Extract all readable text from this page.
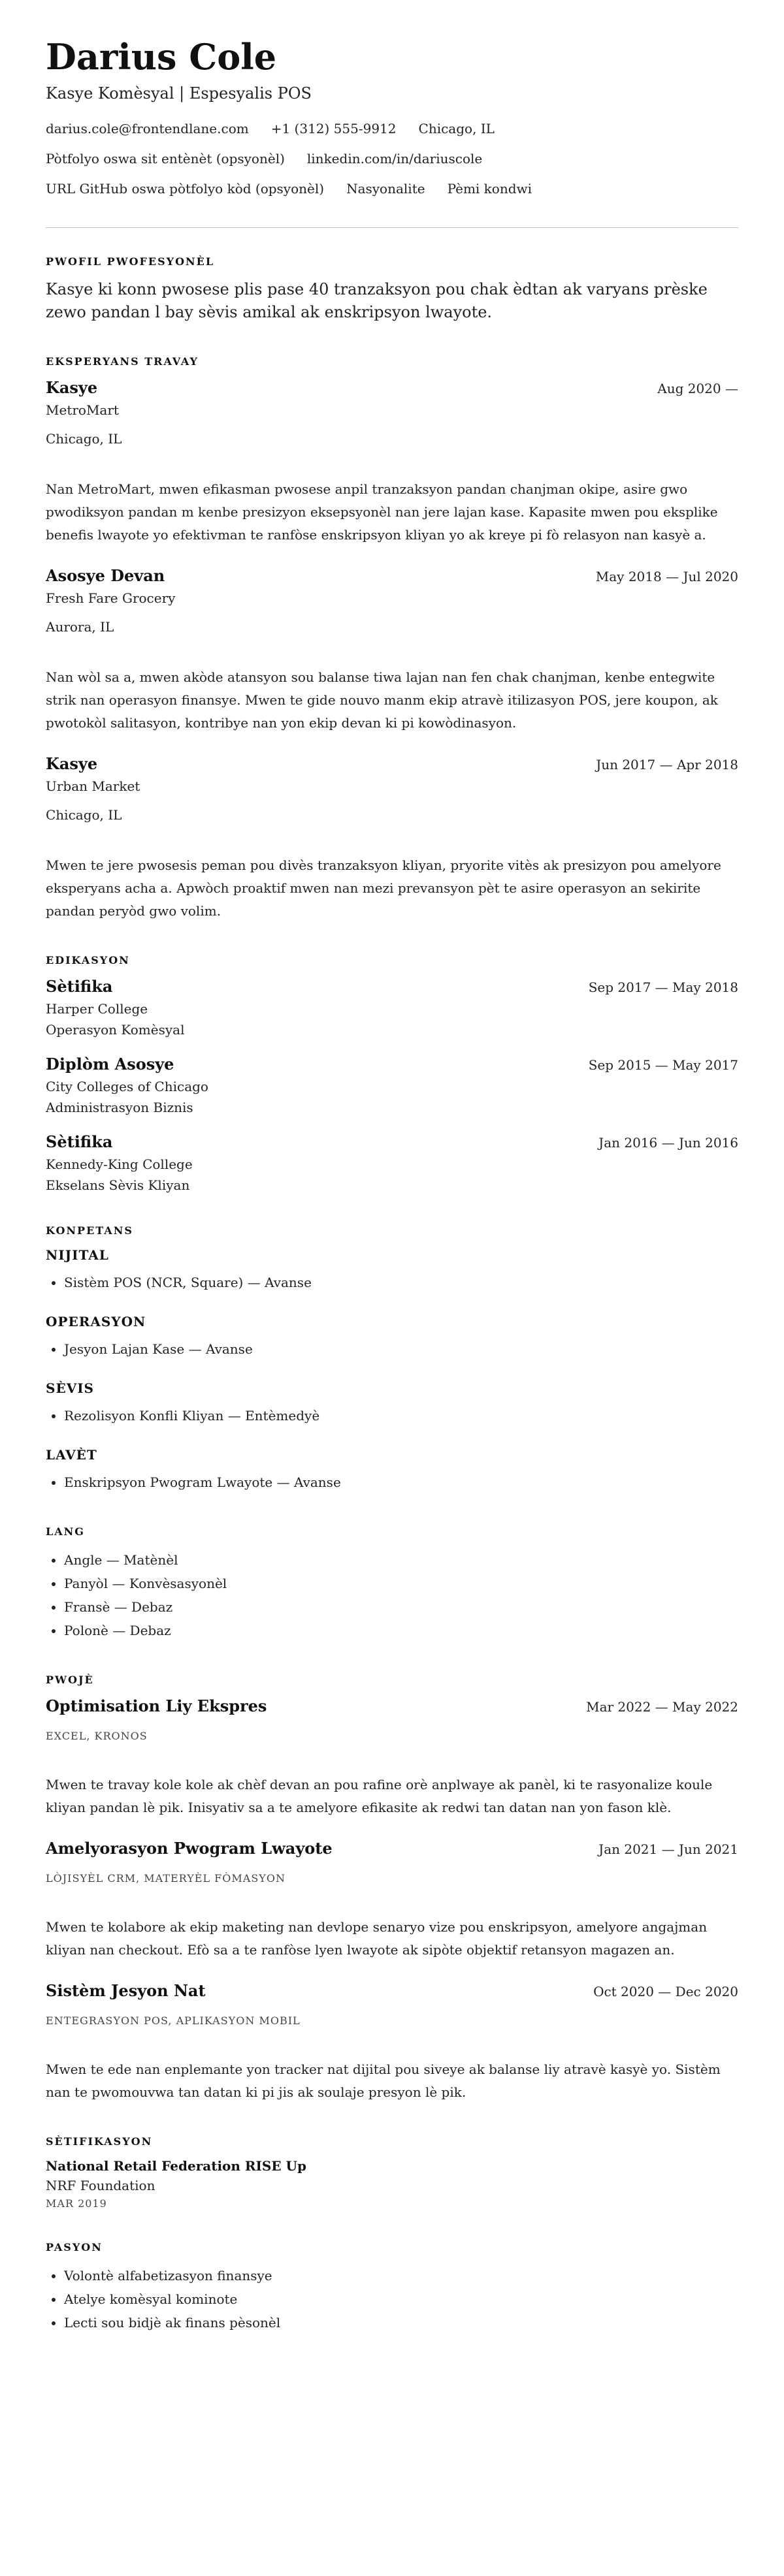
Darius Cole
Kasye Komèsyal | Espesyalis POS
darius.cole@frontendlane.com +1 (312) 555-9912 Chicago, IL
Pòtfolyo oswa sit entènèt (opsyonèl) linkedin.com/in/dariuscole
URL GitHub oswa pòtfolyo kòd (opsyonèl) Nasyonalite Pèmi kondwi
PWOFIL PWOFESYONÈL

Kasye ki konn pwosese plis pase 40 tranzaksyon pou chak èdtan ak varyans prèske zewo pandan l bay sèvis amikal ak enskripsyon lwayote.

EKSPERYANS TRAVAY
Kasye	Aug 2020 —
MetroMart
Chicago, IL
Nan MetroMart, mwen efikasman pwosese anpil tranzaksyon pandan chanjman okipe, asire gwo pwodiksyon pandan m kenbe presizyon eksepsyonèl nan jere lajan kase. Kapasite mwen pou eksplike benefis lwayote yo efektivman te ranfòse enskripsyon kliyan yo ak kreye pi fò relasyon nan kasyè a.
Asosye Devan	May 2018 — Jul 2020
Fresh Fare Grocery
Aurora, IL
Nan wòl sa a, mwen akòde atansyon sou balanse tiwa lajan nan fen chak chanjman, kenbe entegwite strik nan operasyon finansye. Mwen te gide nouvo manm ekip atravè itilizasyon POS, jere koupon, ak pwotokòl salitasyon, kontribye nan yon ekip devan ki pi kowòdinasyon.
Kasye	Jun 2017 — Apr 2018
Urban Market
Chicago, IL
Mwen te jere pwosesis peman pou divès tranzaksyon kliyan, pryorite vitès ak presizyon pou amelyore eksperyans acha a. Apwòch proaktif mwen nan mezi prevansyon pèt te asire operasyon an sekirite pandan peryòd gwo volim.
EDIKASYON
Sètifika	Sep 2017 — May 2018
Harper College
Operasyon Komèsyal
Diplòm Asosye	Sep 2015 — May 2017
City Colleges of Chicago
Administrasyon Biznis
Sètifika	Jan 2016 — Jun 2016
Kennedy-King College
Ekselans Sèvis Kliyan
KONPETANS
NIJITAL
• Sistèm POS (NCR, Square) — Avanse
OPERASYON
• Jesyon Lajan Kase — Avanse
SÈVIS
• Rezolisyon Konfli Kliyan — Entèmedyè
LAVÈT
• Enskripsyon Pwogram Lwayote — Avanse
LANG
• Angle — Matènèl
• Panyòl — Konvèsasyonèl
• Fransè — Debaz
• Polonè — Debaz
PWOJÈ
Optimisation Liy Ekspres	Mar 2022 — May 2022
EXCEL, KRONOS
Mwen te travay kole kole ak chèf devan an pou rafine orè anplwaye ak panèl, ki te rasyonalize koule kliyan pandan lè pik. Inisyativ sa a te amelyore efikasite ak redwi tan datan nan yon fason klè.
Amelyorasyon Pwogram Lwayote	Jan 2021 — Jun 2021
LÒJISYÈL CRM, MATERYÈL FÒMASYON
Mwen te kolabore ak ekip maketing nan devlope senaryo vize pou enskripsyon, amelyore angajman kliyan nan checkout. Efò sa a te ranfòse lyen lwayote ak sipòte objektif retansyon magazen an.
Sistèm Jesyon Nat	Oct 2020 — Dec 2020
ENTEGRASYON POS, APLIKASYON MOBIL
Mwen te ede nan enplemante yon tracker nat dijital pou siveye ak balanse liy atravè kasyè yo. Sistèm nan te pwomouvwa tan datan ki pi jis ak soulaje presyon lè pik.
SÈTIFIKASYON
National Retail Federation RISE Up
NRF Foundation
MAR 2019
PASYON
• Volontè alfabetizasyon finansye
• Atelye komèsyal kominote
• Lecti sou bidjè ak finans pèsonèl
